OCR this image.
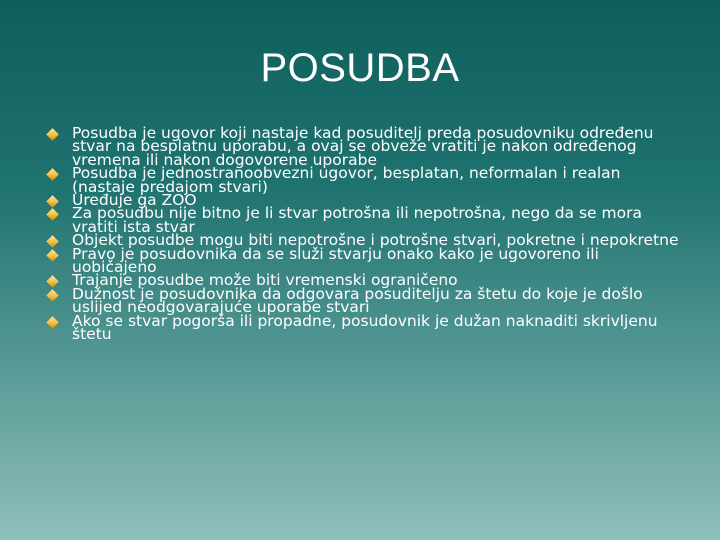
POSUDBA
Posudba je ugovor koji nastaje kad posuditelj preda posudovniku određenu stvar na besplatnu uporabu, a ovaj se obveže vratiti je nakon određenog vremena ili nakon dogovorene uporabe
Posudba je jednostranoobvezni ugovor, besplatan, neformalan i realan (nastaje predajom stvari)
Uređuje ga ZOO
Za posudbu nije bitno je li stvar potrošna ili nepotrošna, nego da se mora vratiti ista stvar
Objekt posudbe mogu biti nepotrošne i potrošne stvari, pokretne i nepokretne
Pravo je posudovnika da se služi stvarju onako kako je ugovoreno ili uobičajeno
Trajanje posudbe može biti vremenski ograničeno
Dužnost je posudovnika da odgovara posuditelju za štetu do koje je došlo uslijed neodgovarajuće uporabe stvari
Ako se stvar pogorša ili propadne, posudovnik je dužan naknaditi skrivljenu štetu
